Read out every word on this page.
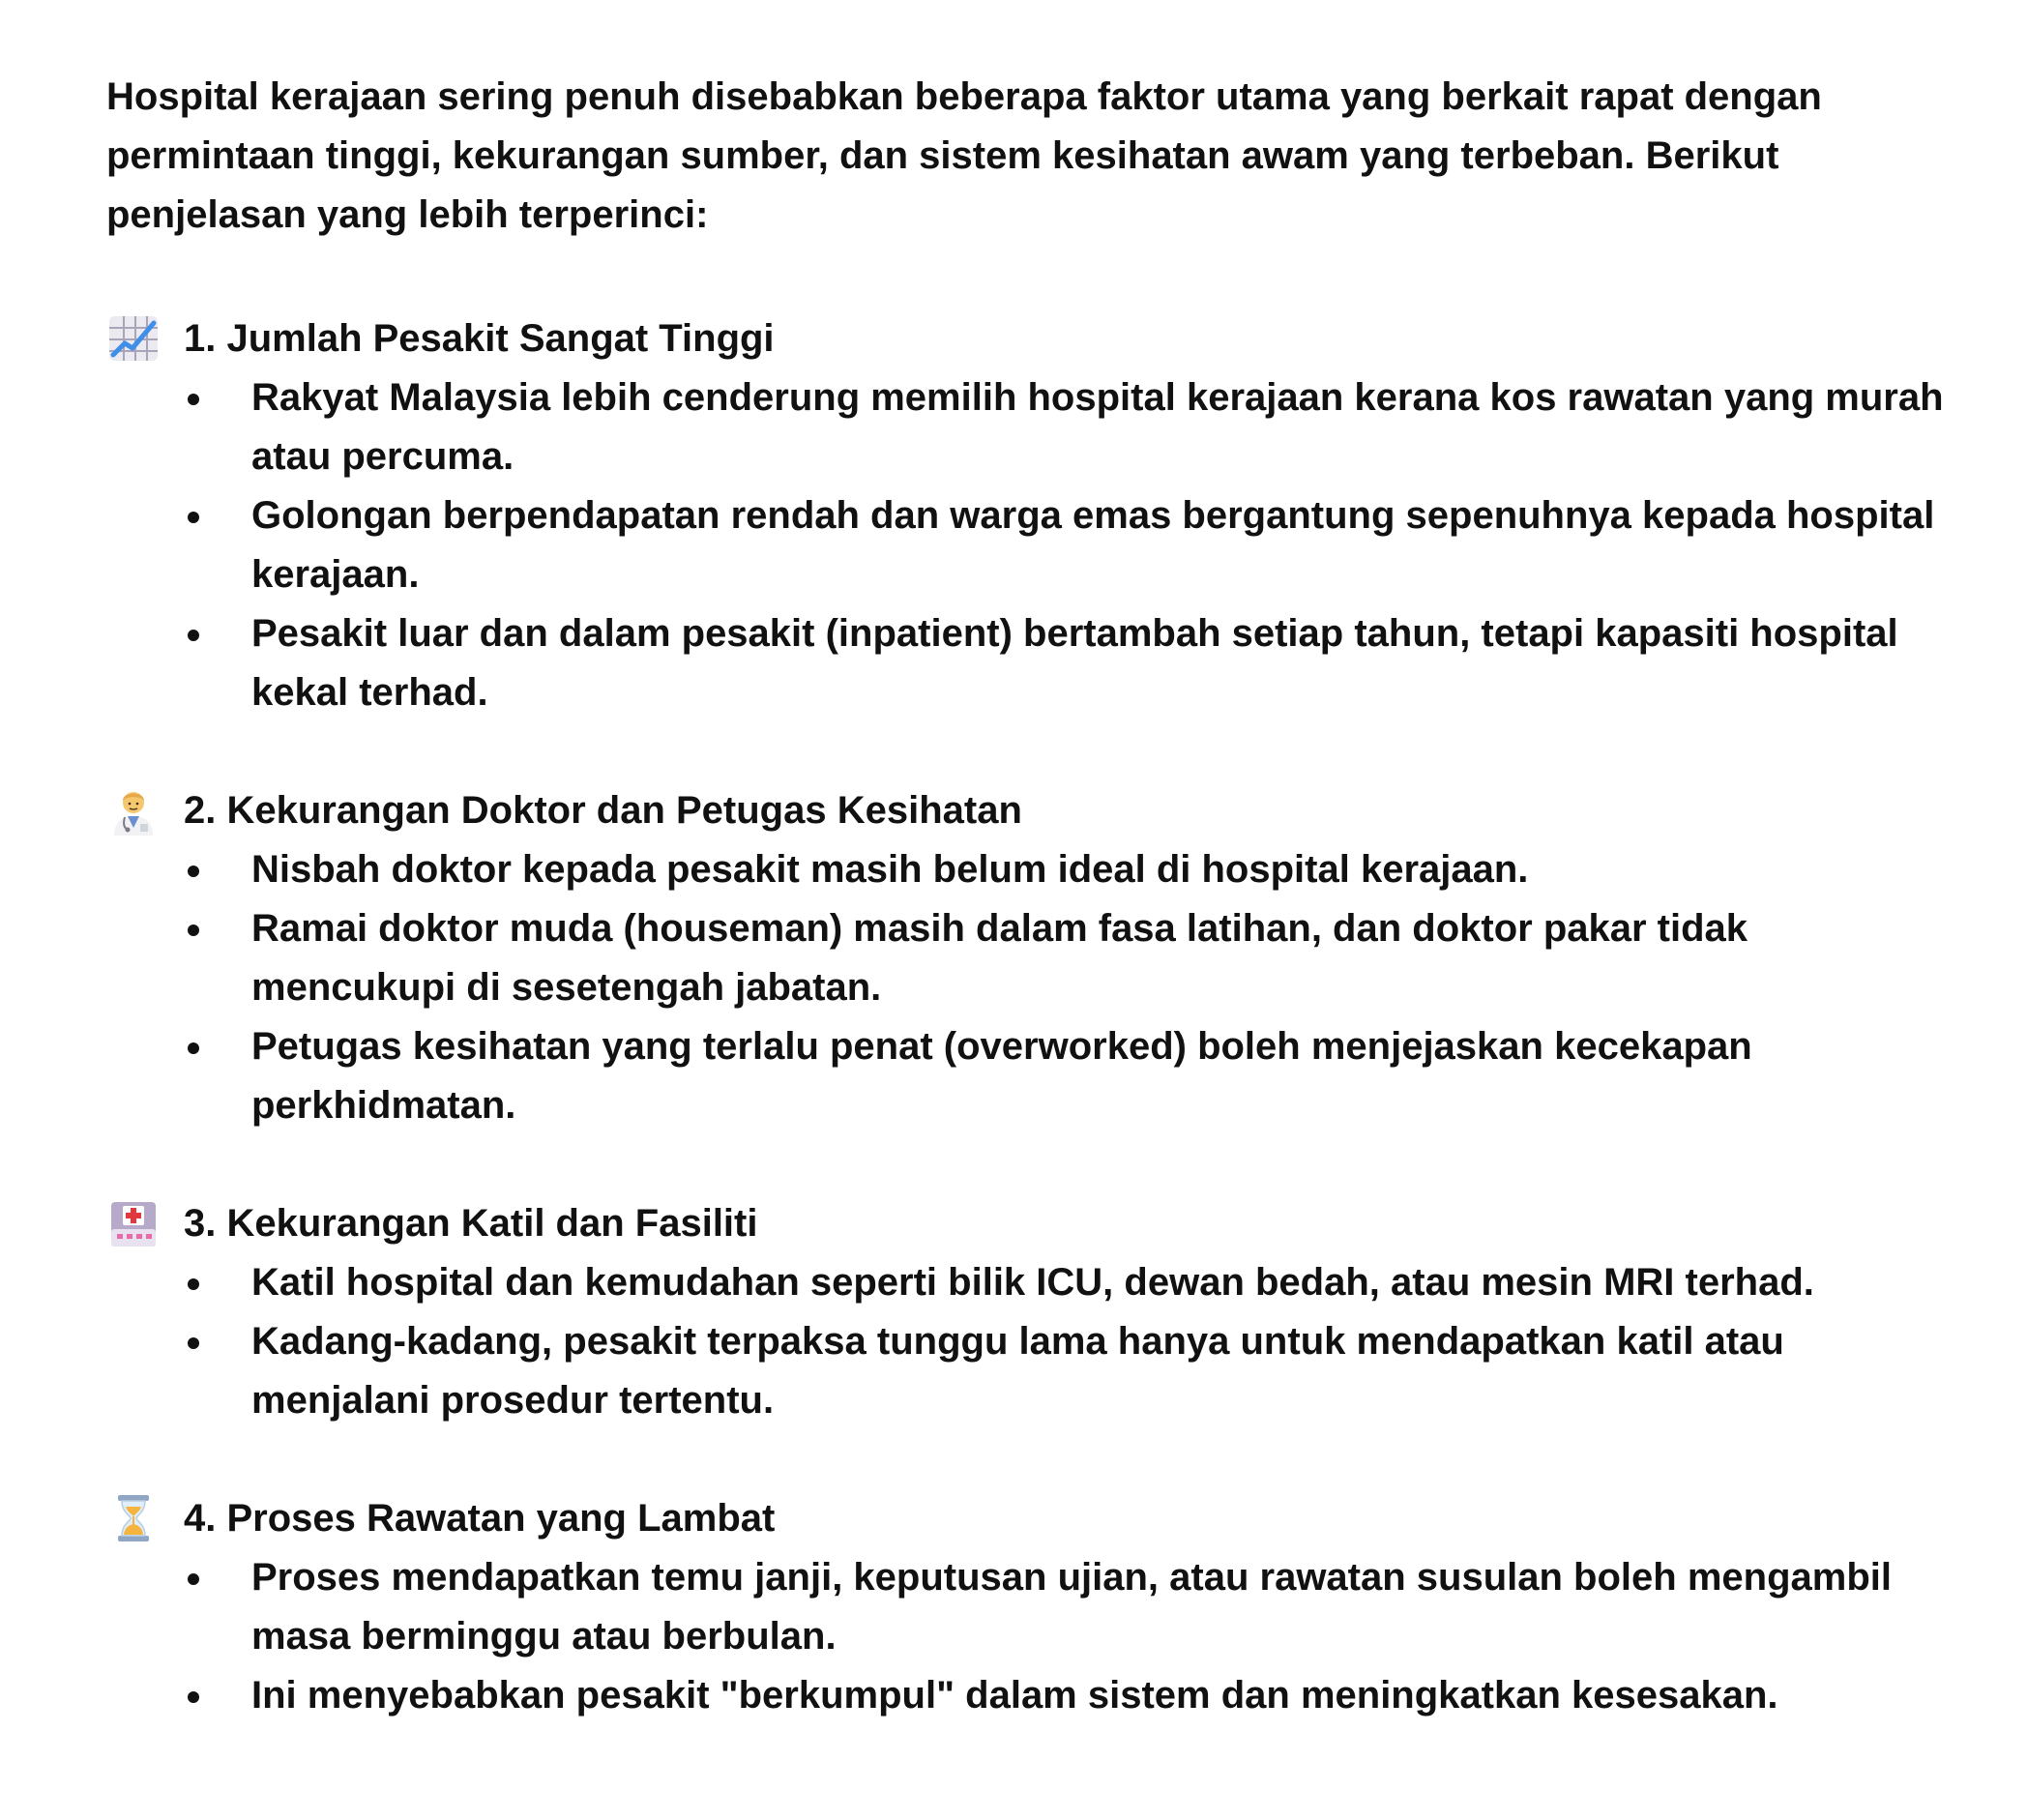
Hospital kerajaan sering penuh disebabkan beberapa faktor utama yang berkait rapat dengan permintaan tinggi, kekurangan sumber, dan sistem kesihatan awam yang terbeban. Berikut penjelasan yang lebih terperinci:

1. Jumlah Pesakit Sangat Tinggi
Rakyat Malaysia lebih cenderung memilih hospital kerajaan kerana kos rawatan yang murah atau percuma.
Golongan berpendapatan rendah dan warga emas bergantung sepenuhnya kepada hospital kerajaan.
Pesakit luar dan dalam pesakit (inpatient) bertambah setiap tahun, tetapi kapasiti hospital kekal terhad.
2. Kekurangan Doktor dan Petugas Kesihatan
Nisbah doktor kepada pesakit masih belum ideal di hospital kerajaan.
Ramai doktor muda (houseman) masih dalam fasa latihan, dan doktor pakar tidak mencukupi di sesetengah jabatan.
Petugas kesihatan yang terlalu penat (overworked) boleh menjejaskan kecekapan perkhidmatan.
3. Kekurangan Katil dan Fasiliti
Katil hospital dan kemudahan seperti bilik ICU, dewan bedah, atau mesin MRI terhad.
Kadang-kadang, pesakit terpaksa tunggu lama hanya untuk mendapatkan katil atau menjalani prosedur tertentu.
4. Proses Rawatan yang Lambat
Proses mendapatkan temu janji, keputusan ujian, atau rawatan susulan boleh mengambil masa berminggu atau berbulan.
Ini menyebabkan pesakit "berkumpul" dalam sistem dan meningkatkan kesesakan.
